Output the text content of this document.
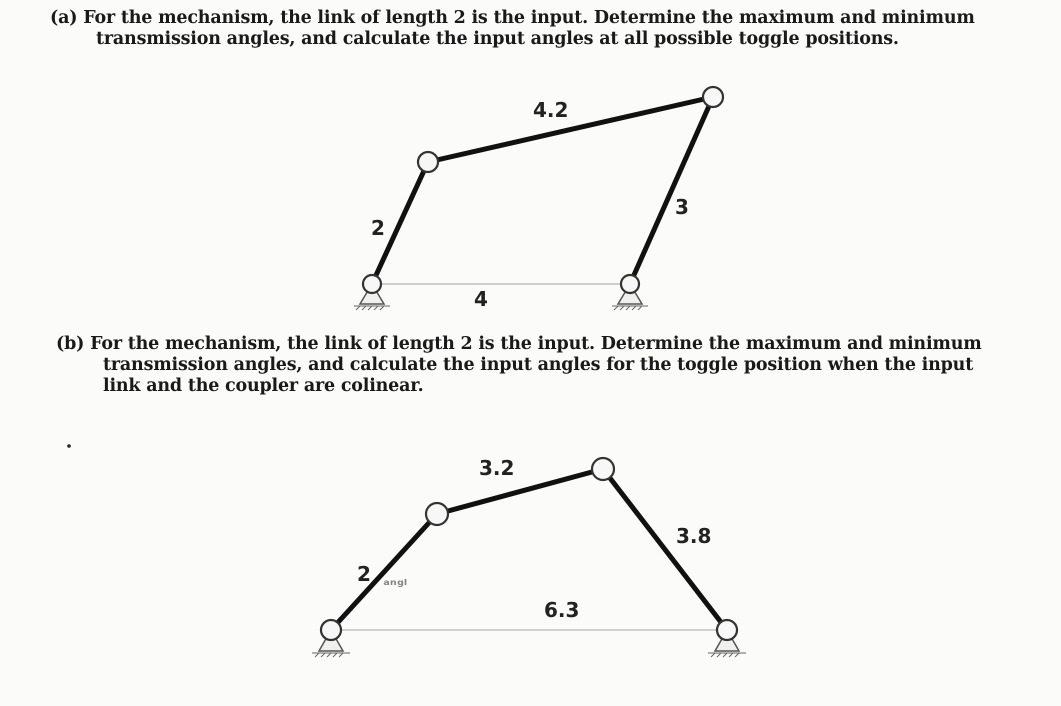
(a) For the mechanism, the link of length 2 is the input. Determine the maximum and minimum
transmission angles, and calculate the input angles at all possible toggle positions.
4.2
2
3
4
(b) For the mechanism, the link of length 2 is the input. Determine the maximum and minimum
transmission angles, and calculate the input angles for the toggle position when the input
link and the coupler are colinear.
3.2
2
3.8
6.3
ᵃⁿᵍˡ
